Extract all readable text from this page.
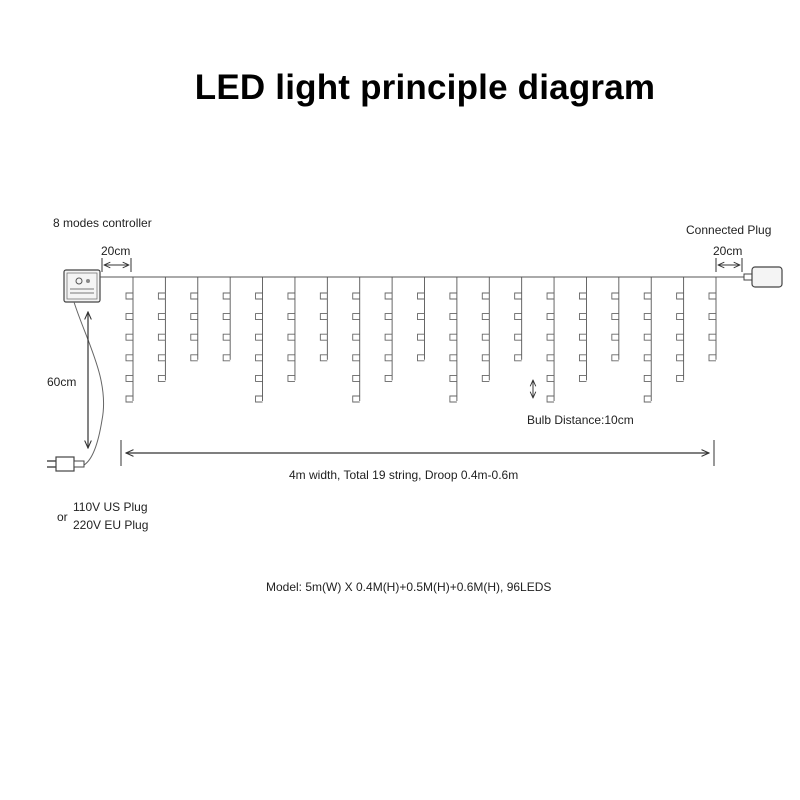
LED light principle diagram
8 modes controller	Connected Plug
20cm	20cm
60cm
Bulb Distance:10cm
4m width, Total 19 string, Droop 0.4m-0.6m
or
110V US Plug
220V EU Plug
Model: 5m(W) X 0.4M(H)+0.5M(H)+0.6M(H), 96LEDS
